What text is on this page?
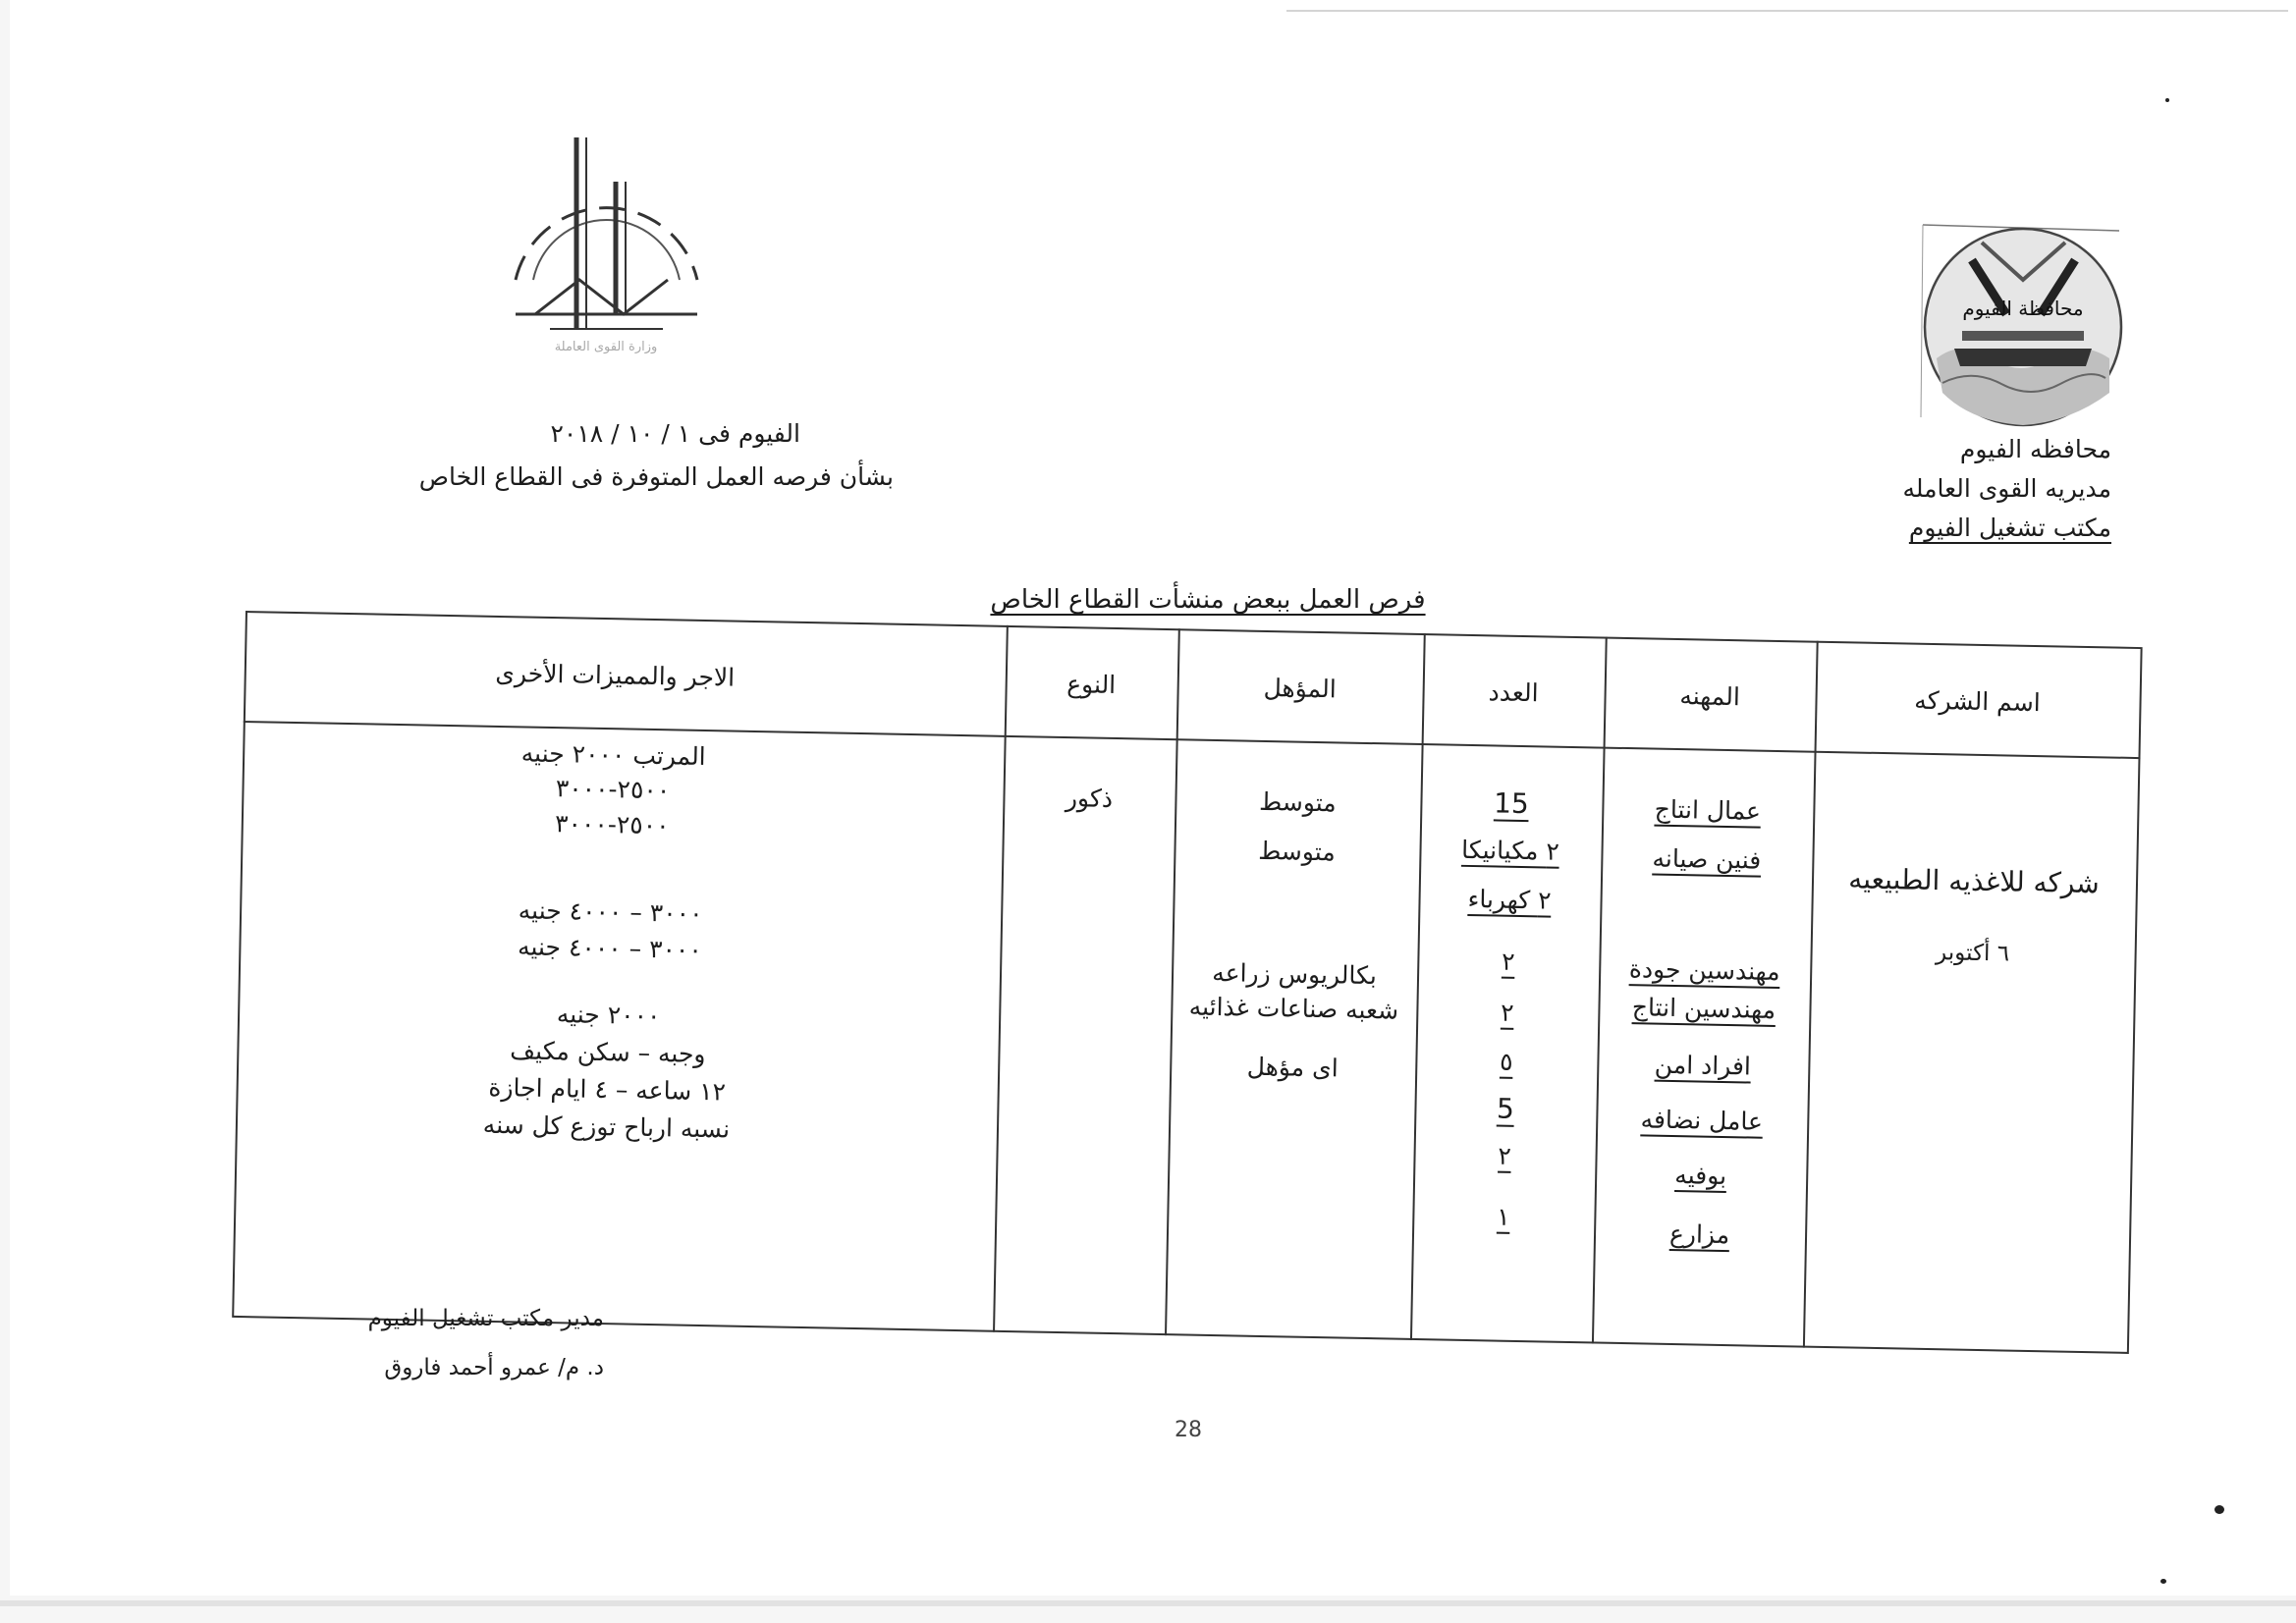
محافظة الفيوم
محافظه الفيوم
مديريه القوى العامله
مكتب تشغيل الفيوم
وزارة القوى العاملة
الفيوم فى ١ / ١٠ / ٢٠١٨
بشأن فرصه العمل المتوفرة فى القطاع الخاص
فرص العمل ببعض منشأت القطاع الخاص
اسم الشركه
المهنه
العدد
المؤهل
النوع
الاجر والمميزات الأخرى
شركه للاغذيه الطبيعيه
٦ أكتوبر
عمال انتاج
فنين صيانه
مهندسين جودة
مهندسين انتاج
افراد امن
عامل نضافه
بوفيه
مزارع
15
٢ مكيانيكا
٢ كهرباء
٢
٢
٥
5
٢
١
متوسط
متوسط
بكالريوس زراعه
شعبه صناعات غذائيه
اى مؤهل
ذكور
المرتب ٢٠٠٠ جنيه
٢٥٠٠-٣٠٠٠
٢٥٠٠-٣٠٠٠
٣٠٠٠ – ٤٠٠٠ جنيه
٣٠٠٠ – ٤٠٠٠ جنيه
٢٠٠٠ جنيه
وجبه – سكن مكيف
١٢ ساعه – ٤ ايام اجازة
نسبه ارباح توزع كل سنه
مدير مكتب تشغيل الفيوم
د. م/ عمرو أحمد فاروق
28
